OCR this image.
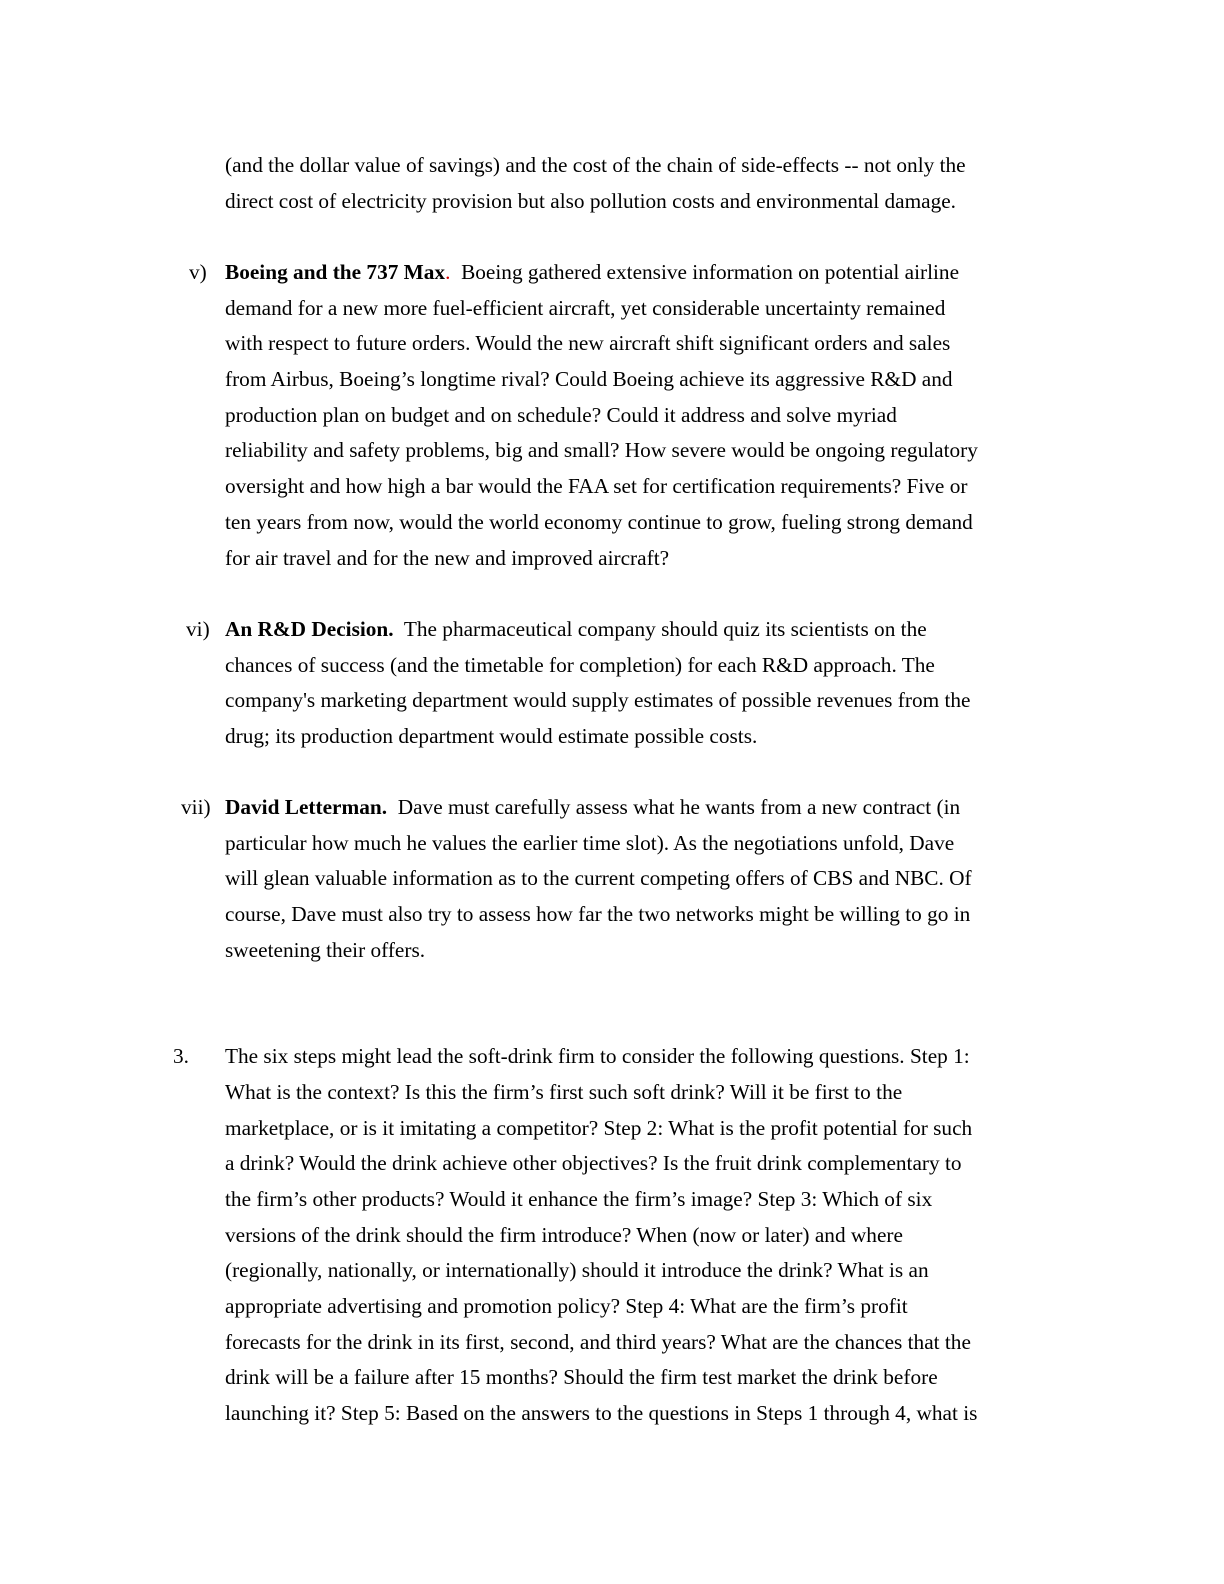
(and the dollar value of savings) and the cost of the chain of side-effects -- not only the
direct cost of electricity provision but also pollution costs and environmental damage.
v) Boeing and the 737 Max.  Boeing gathered extensive information on potential airline
demand for a new more fuel-efficient aircraft, yet considerable uncertainty remained
with respect to future orders. Would the new aircraft shift significant orders and sales
from Airbus, Boeing’s longtime rival? Could Boeing achieve its aggressive R&D and
production plan on budget and on schedule? Could it address and solve myriad
reliability and safety problems, big and small? How severe would be ongoing regulatory
oversight and how high a bar would the FAA set for certification requirements? Five or
ten years from now, would the world economy continue to grow, fueling strong demand
for air travel and for the new and improved aircraft?
vi) An R&D Decision.  The pharmaceutical company should quiz its scientists on the
chances of success (and the timetable for completion) for each R&D approach. The
company's marketing department would supply estimates of possible revenues from the
drug; its production department would estimate possible costs.
vii) David Letterman.  Dave must carefully assess what he wants from a new contract (in
particular how much he values the earlier time slot). As the negotiations unfold, Dave
will glean valuable information as to the current competing offers of CBS and NBC. Of
course, Dave must also try to assess how far the two networks might be willing to go in
sweetening their offers.
3. The six steps might lead the soft-drink firm to consider the following questions. Step 1:
What is the context? Is this the firm’s first such soft drink? Will it be first to the
marketplace, or is it imitating a competitor? Step 2: What is the profit potential for such
a drink? Would the drink achieve other objectives? Is the fruit drink complementary to
the firm’s other products? Would it enhance the firm’s image? Step 3: Which of six
versions of the drink should the firm introduce? When (now or later) and where
(regionally, nationally, or internationally) should it introduce the drink? What is an
appropriate advertising and promotion policy? Step 4: What are the firm’s profit
forecasts for the drink in its first, second, and third years? What are the chances that the
drink will be a failure after 15 months? Should the firm test market the drink before
launching it? Step 5: Based on the answers to the questions in Steps 1 through 4, what is
